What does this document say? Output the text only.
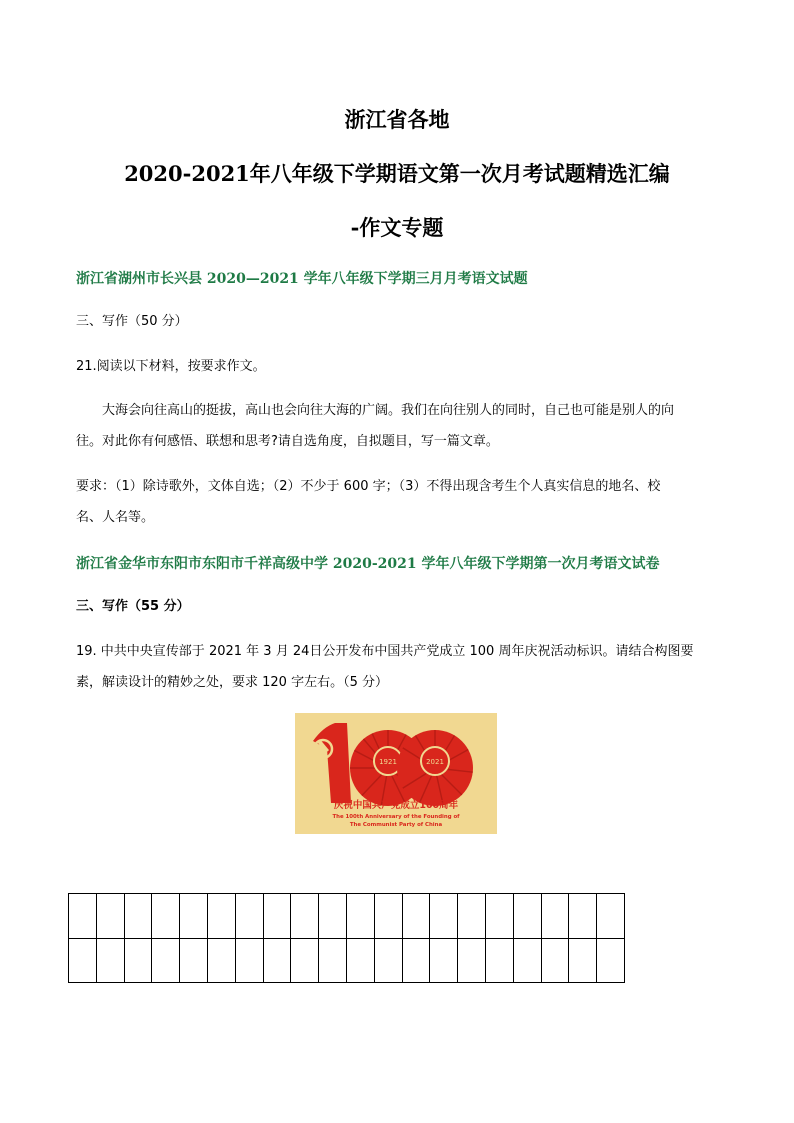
浙江省各地
2020-2021年八年级下学期语文第一次月考试题精选汇编
-作文专题

浙江省湖州市长兴县 2020—2021 学年八年级下学期三月月考语文试题

三、写作（50 分）

21.阅读以下材料，按要求作文。

大海会向往高山的挺拔，高山也会向往大海的广阔。我们在向往别人的同时，自己也可能是别人的向

往。对此你有何感悟、联想和思考?请自选角度，自拟题目，写一篇文章。

要求：（1）除诗歌外，文体自选；（2）不少于 600 字；（3）不得出现含考生个人真实信息的地名、校

名、人名等。

浙江省金华市东阳市东阳市千祥高级中学 2020-2021 学年八年级下学期第一次月考语文试卷

三、写作（55 分）

19. 中共中央宣传部于 2021 年 3 月 24日公开发布中国共产党成立 100 周年庆祝活动标识。请结合构图要

素，解读设计的精妙之处，要求 120 字左右。（5 分）

1921	2021
庆祝中国共产党成立100周年
The 100th Anniversary of the Founding of
The Communist Party of China
